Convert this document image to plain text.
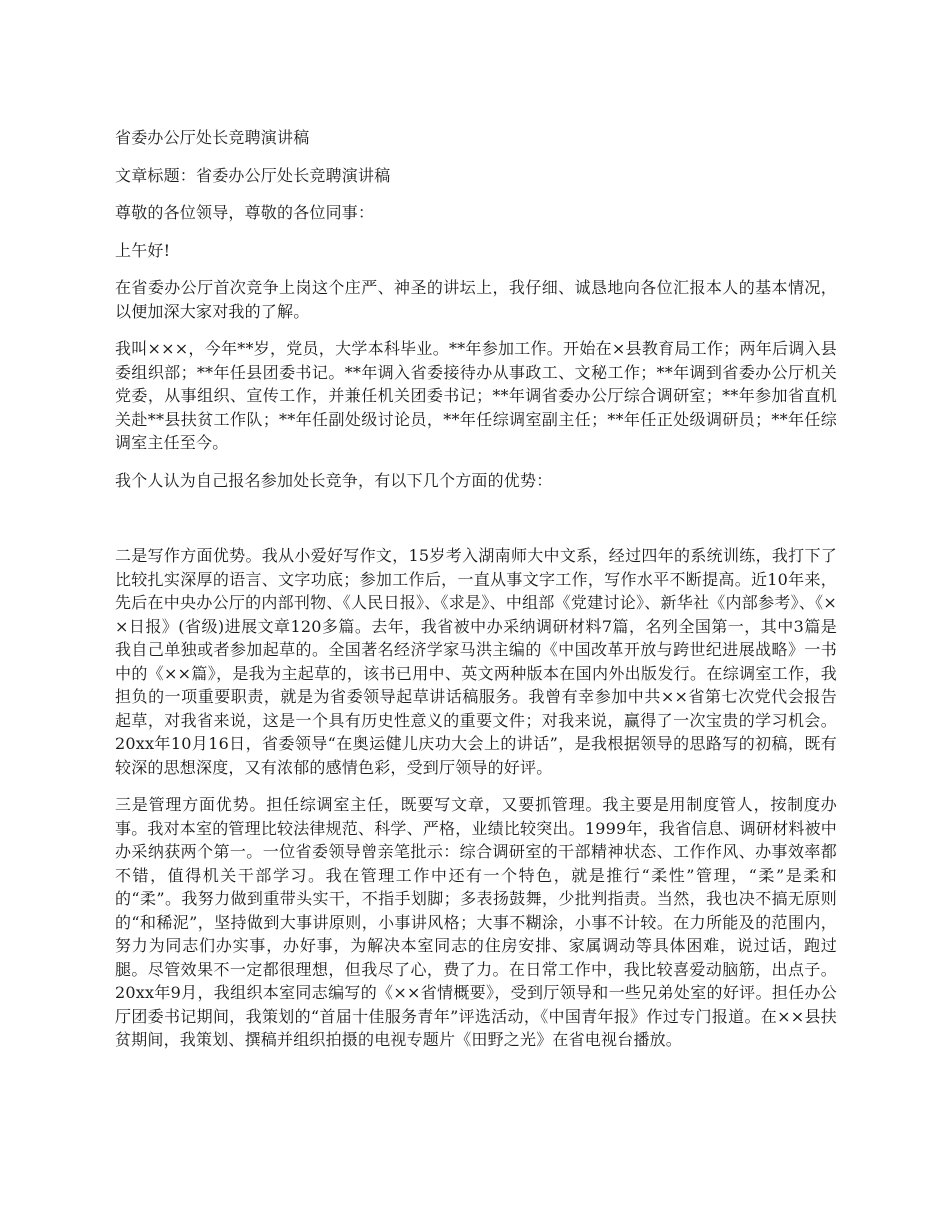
省委办公厅处长竞聘演讲稿

文章标题：省委办公厅处长竞聘演讲稿

尊敬的各位领导，尊敬的各位同事：

上午好!

在省委办公厅首次竞争上岗这个庄严、神圣的讲坛上，我仔细、诚恳地向各位汇报本人的基本情况，以便加深大家对我的了解。

我叫×××，今年**岁，党员，大学本科毕业。**年参加工作。开始在×县教育局工作；两年后调入县委组织部；**年任县团委书记。**年调入省委接待办从事政工、文秘工作；**年调到省委办公厅机关党委，从事组织、宣传工作，并兼任机关团委书记；**年调省委办公厅综合调研室；**年参加省直机关赴**县扶贫工作队；**年任副处级讨论员，**年任综调室副主任；**年任正处级调研员；**年任综调室主任至今。

我个人认为自己报名参加处长竞争，有以下几个方面的优势：

二是写作方面优势。我从小爱好写作文，15岁考入湖南师大中文系，经过四年的系统训练，我打下了比较扎实深厚的语言、文字功底；参加工作后，一直从事文字工作，写作水平不断提高。近10年来，先后在中央办公厅的内部刊物、《人民日报》、《求是》、中组部《党建讨论》、新华社《内部参考》、《××日报》(省级)进展文章120多篇。去年，我省被中办采纳调研材料7篇，名列全国第一，其中3篇是我自己单独或者参加起草的。全国著名经济学家马洪主编的《中国改革开放与跨世纪进展战略》一书中的《××篇》，是我为主起草的，该书已用中、英文两种版本在国内外出版发行。在综调室工作，我担负的一项重要职责，就是为省委领导起草讲话稿服务。我曾有幸参加中共××省第七次党代会报告起草，对我省来说，这是一个具有历史性意义的重要文件；对我来说，赢得了一次宝贵的学习机会。20xx年10月16日，省委领导“在奥运健儿庆功大会上的讲话”，是我根据领导的思路写的初稿，既有较深的思想深度，又有浓郁的感情色彩，受到厅领导的好评。

三是管理方面优势。担任综调室主任，既要写文章，又要抓管理。我主要是用制度管人，按制度办事。我对本室的管理比较法律规范、科学、严格，业绩比较突出。1999年，我省信息、调研材料被中办采纳获两个第一。一位省委领导曾亲笔批示：综合调研室的干部精神状态、工作作风、办事效率都不错，值得机关干部学习。我在管理工作中还有一个特色，就是推行“柔性”管理，“柔”是柔和的“柔”。我努力做到重带头实干，不指手划脚；多表扬鼓舞，少批判指责。当然，我也决不搞无原则的“和稀泥”，坚持做到大事讲原则，小事讲风格；大事不糊涂，小事不计较。在力所能及的范围内，努力为同志们办实事，办好事，为解决本室同志的住房安排、家属调动等具体困难，说过话，跑过腿。尽管效果不一定都很理想，但我尽了心，费了力。在日常工作中，我比较喜爱动脑筋，出点子。20xx年9月，我组织本室同志编写的《××省情概要》，受到厅领导和一些兄弟处室的好评。担任办公厅团委书记期间，我策划的“首届十佳服务青年”评选活动，《中国青年报》作过专门报道。在××县扶贫期间，我策划、撰稿并组织拍摄的电视专题片《田野之光》在省电视台播放。
